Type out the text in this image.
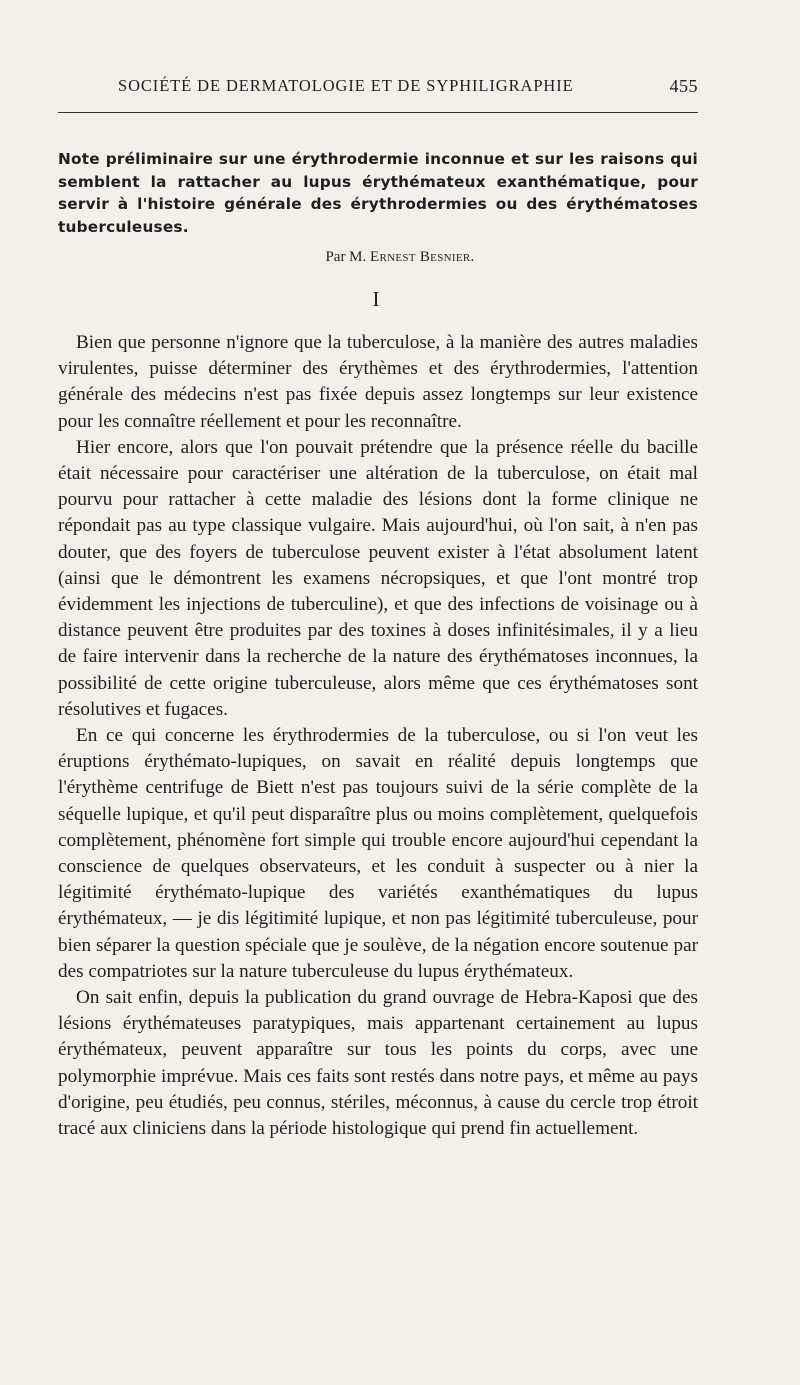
SOCIÉTÉ DE DERMATOLOGIE ET DE SYPHILIGRAPHIE	455
Note préliminaire sur une érythrodermie inconnue et sur les raisons qui semblent la rattacher au lupus érythémateux exanthématique, pour servir à l'histoire générale des érythrodermies ou des érythématoses tuberculeuses.
Par M. Ernest Besnier.
I

Bien que personne n'ignore que la tuberculose, à la manière des autres maladies virulentes, puisse déterminer des érythèmes et des érythrodermies, l'attention générale des médecins n'est pas fixée depuis assez longtemps sur leur existence pour les connaître réellement et pour les reconnaître.

Hier encore, alors que l'on pouvait prétendre que la présence réelle du bacille était nécessaire pour caractériser une altération de la tuberculose, on était mal pourvu pour rattacher à cette maladie des lésions dont la forme clinique ne répondait pas au type classique vulgaire. Mais aujourd'hui, où l'on sait, à n'en pas douter, que des foyers de tuberculose peuvent exister à l'état absolument latent (ainsi que le démontrent les examens nécropsiques, et que l'ont montré trop évidemment les injections de tuberculine), et que des infections de voisinage ou à distance peuvent être produites par des toxines à doses infinitésimales, il y a lieu de faire intervenir dans la recherche de la nature des érythématoses inconnues, la possibilité de cette origine tuberculeuse, alors même que ces érythématoses sont résolutives et fugaces.

En ce qui concerne les érythrodermies de la tuberculose, ou si l'on veut les éruptions érythémato-lupiques, on savait en réalité depuis longtemps que l'érythème centrifuge de Biett n'est pas toujours suivi de la série complète de la séquelle lupique, et qu'il peut disparaître plus ou moins complètement, quelquefois complètement, phénomène fort simple qui trouble encore aujourd'hui cependant la conscience de quelques observateurs, et les conduit à suspecter ou à nier la légitimité érythémato-lupique des variétés exanthématiques du lupus érythémateux, — je dis légitimité lupique, et non pas légitimité tuberculeuse, pour bien séparer la question spéciale que je soulève, de la négation encore soutenue par des compatriotes sur la nature tuberculeuse du lupus érythémateux.

On sait enfin, depuis la publication du grand ouvrage de Hebra-Kaposi que des lésions érythémateuses paratypiques, mais appartenant certainement au lupus érythémateux, peuvent apparaître sur tous les points du corps, avec une polymorphie imprévue. Mais ces faits sont restés dans notre pays, et même au pays d'origine, peu étudiés, peu connus, stériles, méconnus, à cause du cercle trop étroit tracé aux cliniciens dans la période histologique qui prend fin actuellement.
